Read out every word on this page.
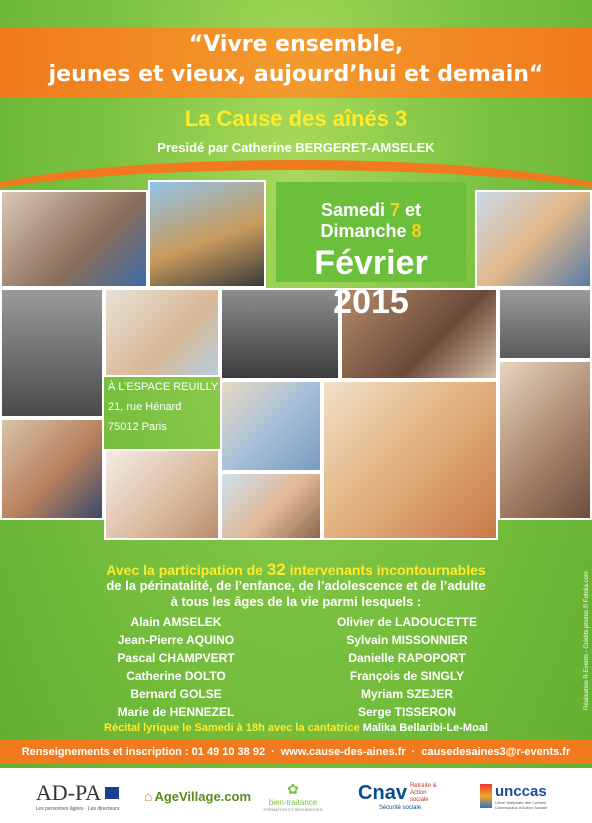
“Vivre ensemble,
jeunes et vieux, aujourd’hui et demain“
La Cause des aînés 3
Presidé par Catherine BERGERET-AMSELEK
Samedi 7 et Dimanche 8
Février 2015
À L’ESPACE REUILLY
21, rue Hénard
75012 Paris
Avec la participation de 32 intervenants incontournables
de la périnatalité, de l’enfance, de l’adolescence et de l’adulte
à tous les âges de la vie parmi lesquels :
Alain AMSELEK
Jean-Pierre AQUINO
Pascal CHAMPVERT
Catherine DOLTO
Bernard GOLSE
Marie de HENNEZEL
Olivier de LADOUCETTE
Sylvain MISSONNIER
Danielle RAPOPORT
François de SINGLY
Myriam SZEJER
Serge TISSERON
Récital lyrique le Samedi à 18h avec la cantatrice Malika Bellaribi-Le-Moal
Réalisation R-Events - Crédits photos © Fotolia.com
Renseignements et inscription : 01 49 10 38 92 · www.cause-des-aines.fr · causedesaines3@r-events.fr
AD-PA
Les personnes âgées · Les directeurs
⌂ AgeVillage.com	✿
bien-traitance
FORMATION ET RECHERCHES
Cnav Retraite & Action sociale
Sécurité sociale
unccas
Union Nationale des Centres Communaux d’Action Sociale
